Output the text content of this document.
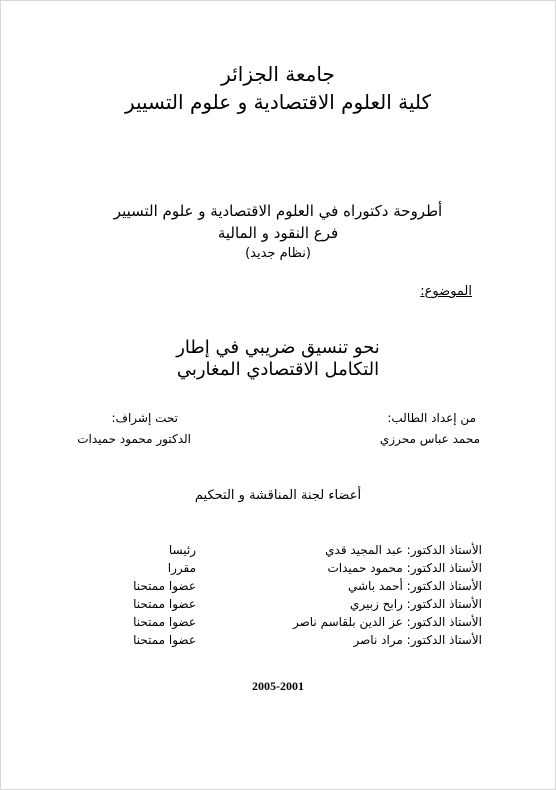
جامعة الجزائر
كلية العلوم الاقتصادية و علوم التسيير
أطروحة دكتوراه في العلوم الاقتصادية و علوم التسيير
فرع النقود و المالية
(نظام جديد)
الموضوع:
نحو تنسيق ضريبي في إطار
التكامل الاقتصادي المغاربي
من إعداد الطالب:
محمد عباس محرزي
تحت إشراف:
الدكتور محمود حميدات
أعضاء لجنة المناقشة و التحكيم
الأستاذ الدكتور: عبد المجيد قدي
رئيسا
الأستاذ الدكتور: محمود حميدات
مقررا
الأستاذ الدكتور: أحمد باشي
عضوا ممتحنا
الأستاذ الدكتور: رابح زبيري
عضوا ممتحنا
الأستاذ الدكتور: عز الدين بلقاسم ناصر
عضوا ممتحنا
الأستاذ الدكتور: مراد ناصر
عضوا ممتحنا
2005-2001
